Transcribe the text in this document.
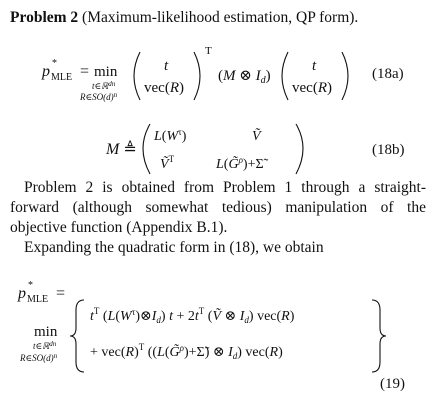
Problem 2 (Maximum-likelihood estimation, QP form).
p *
MLE = min
t∈ℝ$^{dn}$
$R\in SO(d)^n$
t
vec(R)
T
(M ⊗ $I_d$)
t
vec(R)
(18a)
M ≜
$L(W^\tau)$	Ṽ
Ṽ$^T$	L(G̃$^\rho$)+Σ̃
(18b)
Problem 2 is obtained from Problem 1 through a straight-forward (although somewhat tedious) manipulation of the objective function (Appendix B.1).
Expanding the quadratic form in (18), we obtain
p *
MLE =
min
t∈ℝ$^{dn}$
$R\in SO(d)^n$
$t^T$ $(L(W^\tau)\otimes I_d) t + 2t^T$ (Ṽ ⊗ $I_d$) vec(R)
+ $vec(R)^T$ ((L(G̃$^\rho$)+Σ̃) ⊗ $I_d$) vec(R)
(19)
